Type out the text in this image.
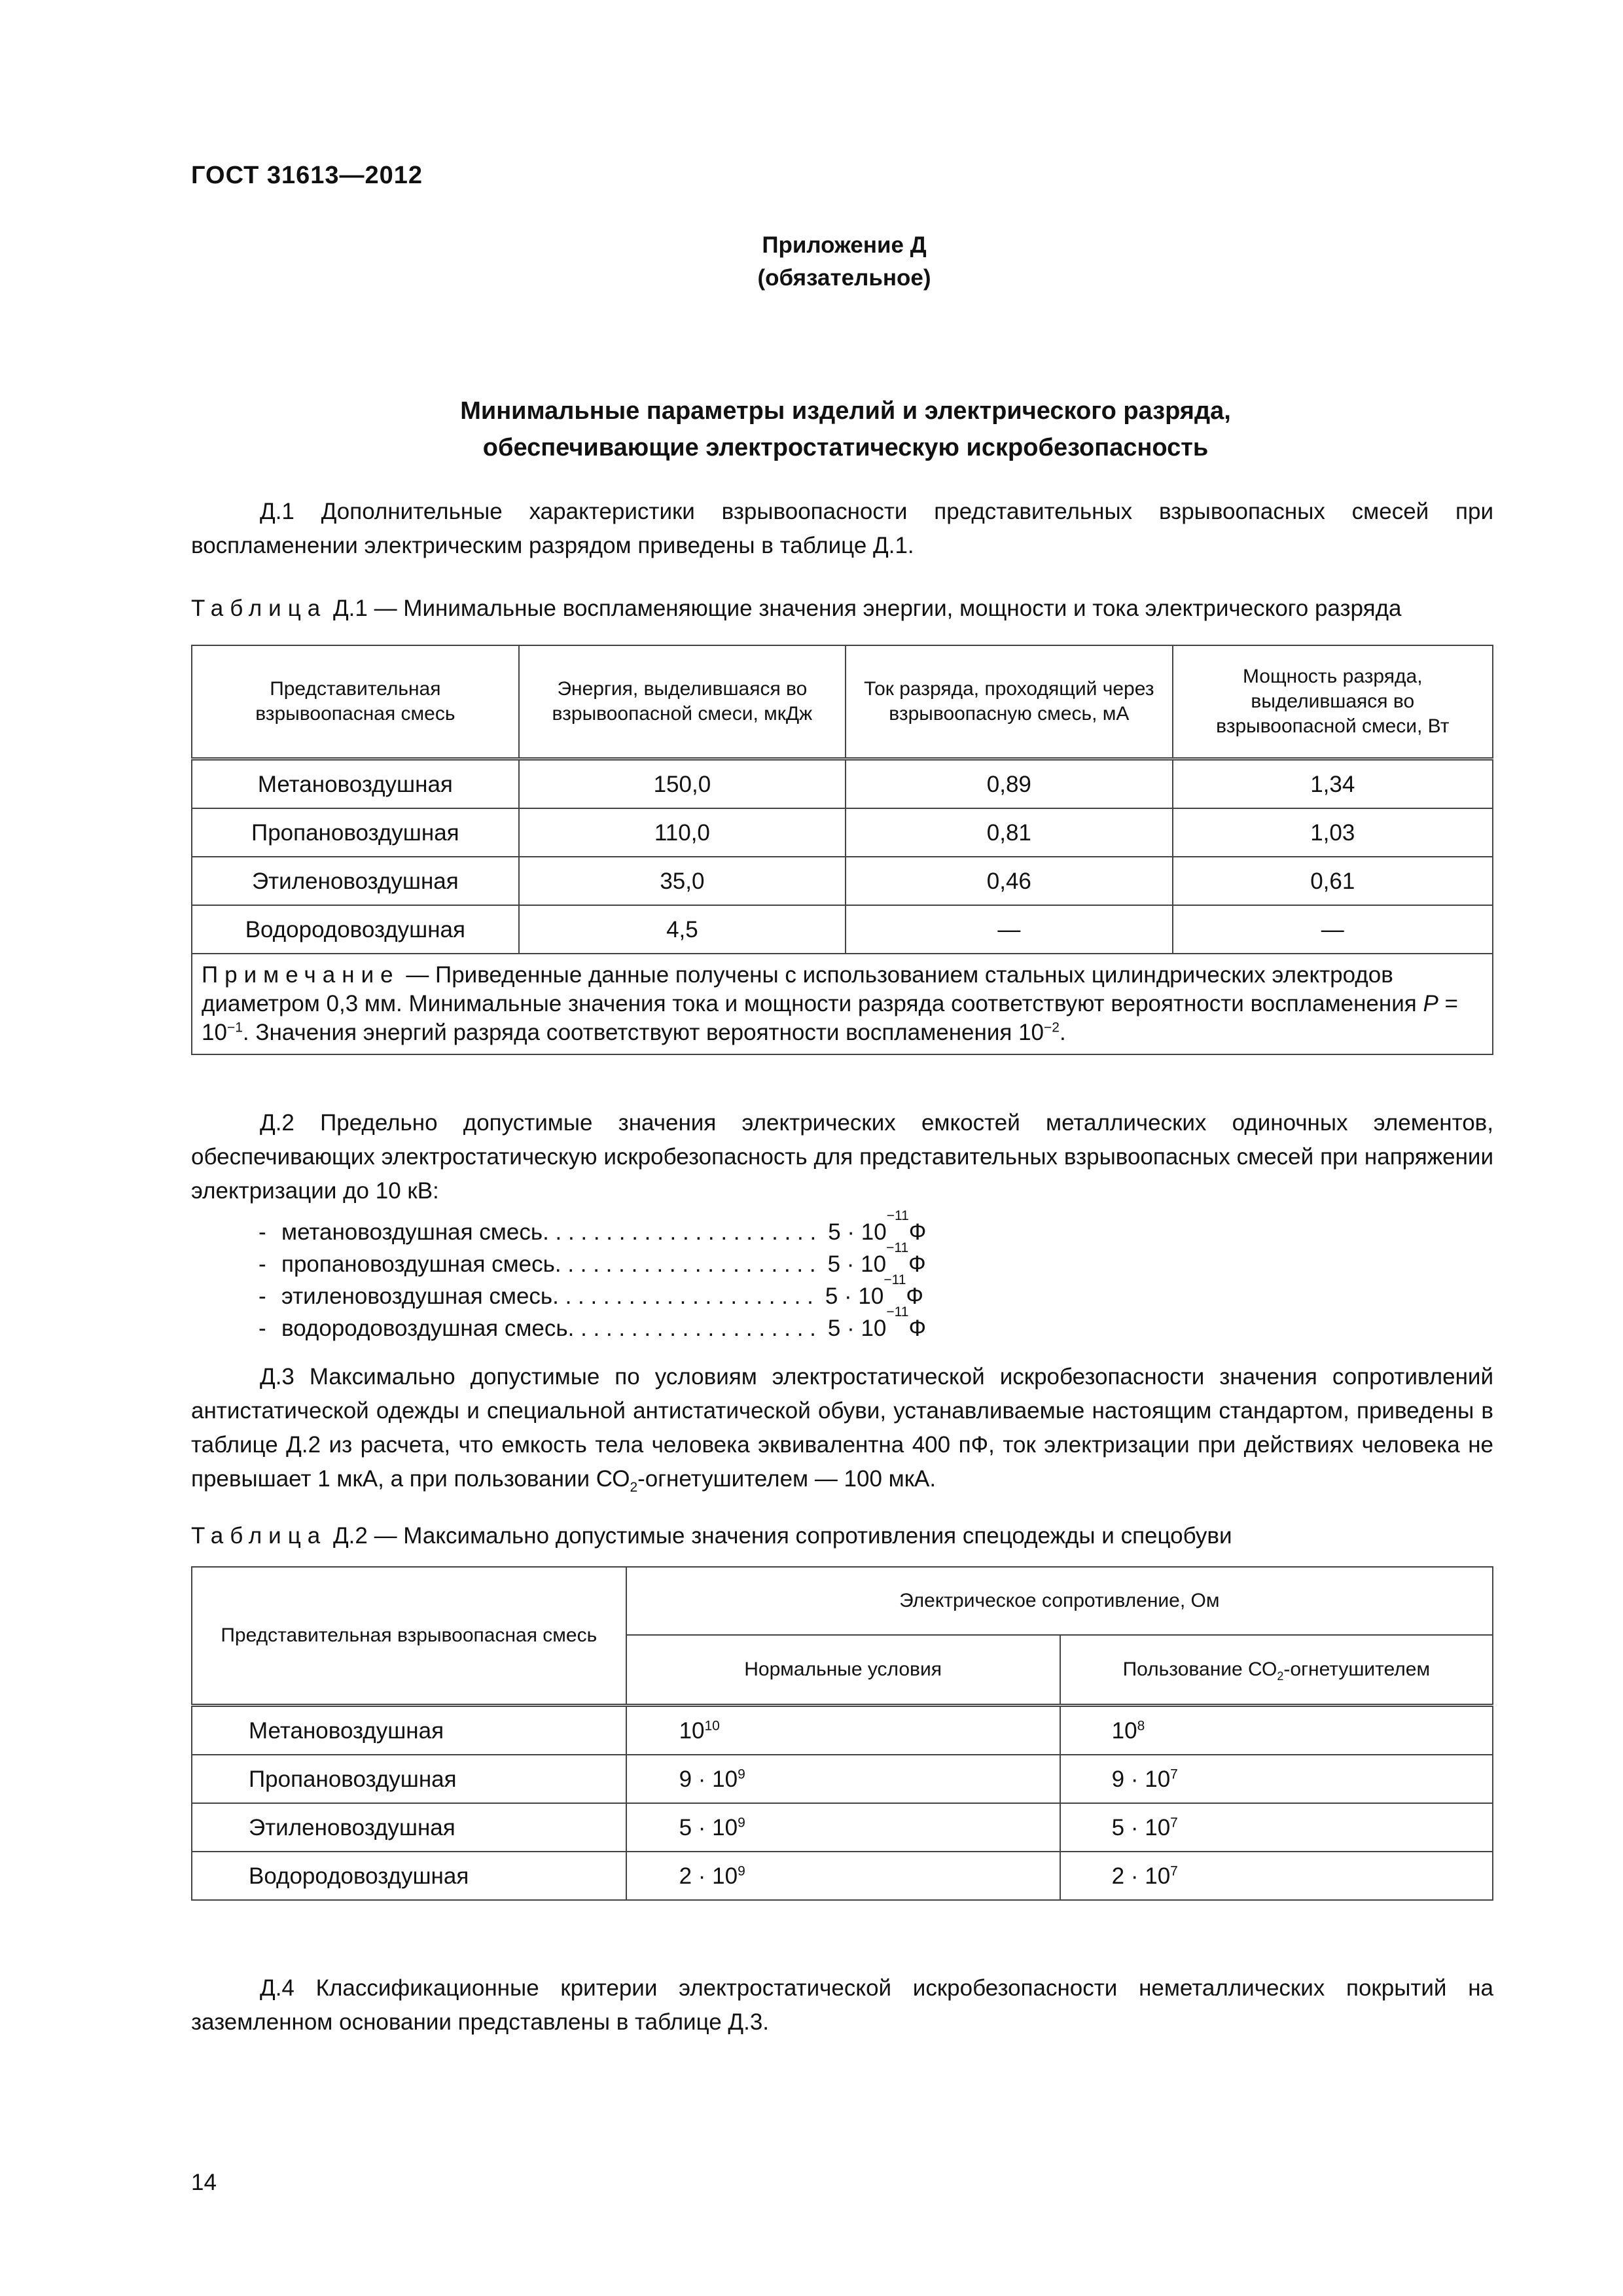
ГОСТ 31613—2012
Приложение Д
(обязательное)
Минимальные параметры изделий и электрического разряда,
обеспечивающие электростатическую искробезопасность

Д.1 Дополнительные характеристики взрывоопасности представительных взрывоопасных смесей при воспламенении электрическим разрядом приведены в таблице Д.1.

Таблица Д.1 — Минимальные воспламеняющие значения энергии, мощности и тока электрического разряда
Представительная взрывоопасная смесь	Энергия, выделившаяся во взрывоопасной смеси, мкДж	Ток разряда, проходящий через взрывоопасную смесь, мА	Мощность разряда, выделившаяся во взрывоопасной смеси, Вт
Метановоздушная	150,0	0,89	1,34
Пропановоздушная	110,0	0,81	1,03
Этиленовоздушная	35,0	0,46	0,61
Водородовоздушная	4,5	—	—
Примечание — Приведенные данные получены с использованием стальных цилиндрических электродов диаметром 0,3 мм. Минимальные значения тока и мощности разряда соответствуют вероятности воспламенения $P = 10^{-1}$. Значения энергий разряда соответствуют вероятности воспламенения $10^{-2}$.			

Д.2 Предельно допустимые значения электрических емкостей металлических одиночных элементов, обеспечивающих электростатическую искробезопасность для представительных взрывоопасных смесей при напряжении электризации до 10 кВ:

- метановоздушная смесь . . . . . . . . . . . . . . . . . . . . . . 5 · 10
−11
Ф
- пропановоздушная смесь . . . . . . . . . . . . . . . . . . . . . 5 · 10
−11
Ф
- этиленовоздушная смесь . . . . . . . . . . . . . . . . . . . . . 5 · 10
−11
Ф
- водородовоздушная смесь . . . . . . . . . . . . . . . . . . . . 5 · 10
−11
Ф

Д.3 Максимально допустимые по условиям электростатической искробезопасности значения сопротивлений антистатической одежды и специальной антистатической обуви, устанавливаемые настоящим стандартом, приведены в таблице Д.2 из расчета, что емкость тела человека эквивалентна 400 пФ, ток электризации при действиях человека не превышает 1 мкА, а при пользовании $СО_2$-огнетушителем — 100 мкА.

Таблица Д.2 — Максимально допустимые значения сопротивления спецодежды и спецобуви
Представительная взрывоопасная смесь	Электрическое сопротивление, Ом	
	Нормальные условия	Пользование $СО_2$-огнетушителем
Метановоздушная	$10^{10}$	$10^8$
Пропановоздушная	$9 \cdot 10^9$	$9 \cdot 10^7$
Этиленовоздушная	$5 \cdot 10^9$	$5 \cdot 10^7$
Водородовоздушная	$2 \cdot 10^9$	$2 \cdot 10^7$

Д.4 Классификационные критерии электростатической искробезопасности неметаллических покрытий на заземленном основании представлены в таблице Д.3.

14
